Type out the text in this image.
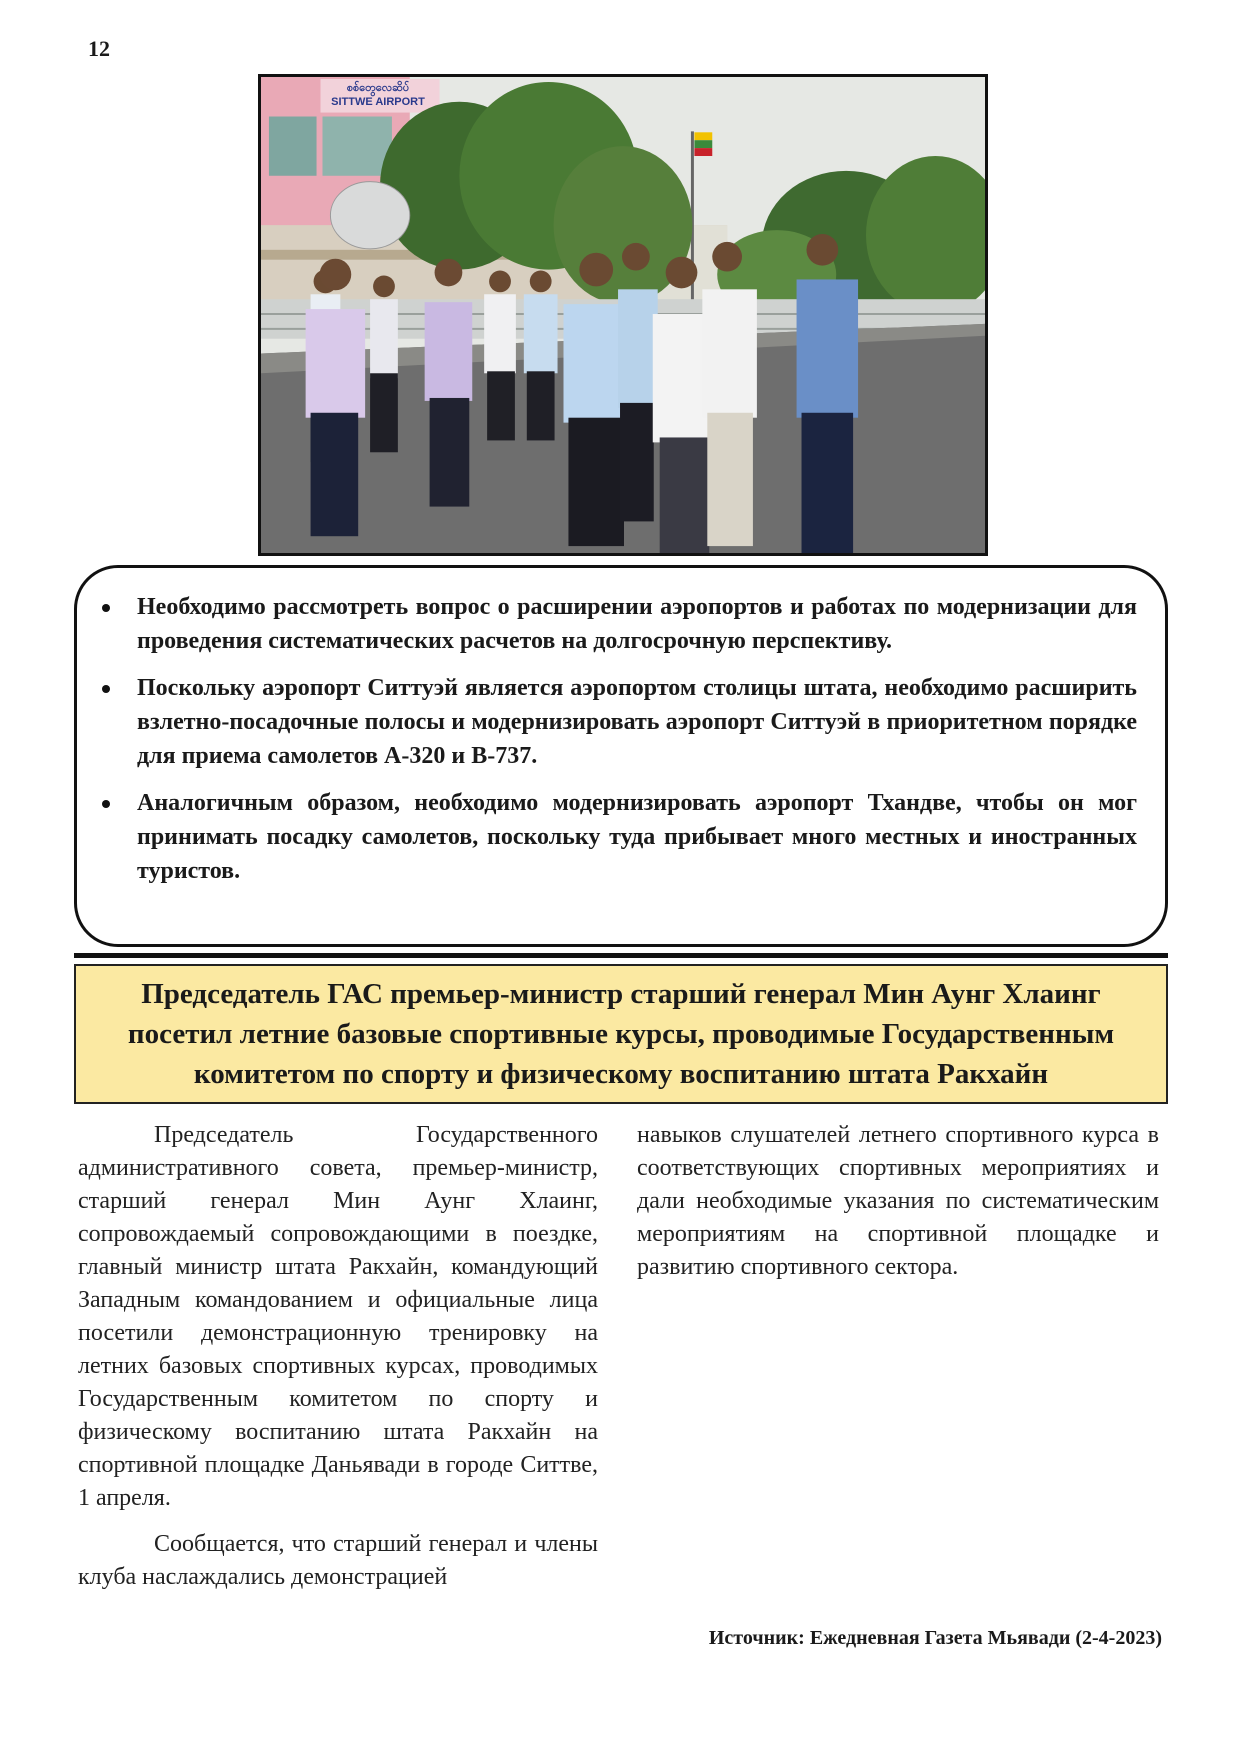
12
စစ်တွေလေဆိပ်
SITTWE AIRPORT
Необходимо рассмотреть вопрос о расширении аэропортов и работах по модернизации для проведения систематических расчетов на долгосрочную перспективу.
Поскольку аэропорт Ситтуэй является аэропортом столицы штата, необходимо расширить взлетно-посадочные полосы и модернизировать аэропорт Ситтуэй в приоритетном порядке для приема самолетов А-320 и B-737.
Аналогичным образом, необходимо модернизировать аэропорт Тхандве, чтобы он мог принимать посадку самолетов, поскольку туда прибывает много местных и иностранных туристов.
Председатель ГАС премьер-министр старший генерал Мин Аунг Хлаинг посетил летние базовые спортивные курсы, проводимые Государственным комитетом по спорту и физическому воспитанию штата Ракхайн

Председатель Государственного административного совета, премьер-министр, старший генерал Мин Аунг Хлаинг, сопровождаемый сопровождающими в поездке, главный министр штата Ракхайн, командующий Западным командованием и официальные лица посетили демонстрационную тренировку на летних базовых спортивных курсах, проводимых Государственным комитетом по спорту и физическому воспитанию штата Ракхайн на спортивной площадке Даньявади в городе Ситтве, 1 апреля.

Сообщается, что старший генерал и члены клуба наслаждались демонстрацией

навыков слушателей летнего спортивного курса в соответствующих спортивных мероприятиях и дали необходимые указания по систематическим мероприятиям на спортивной площадке и развитию спортивного сектора.

Источник: Ежедневная Газета Мьявади (2-4-2023)
